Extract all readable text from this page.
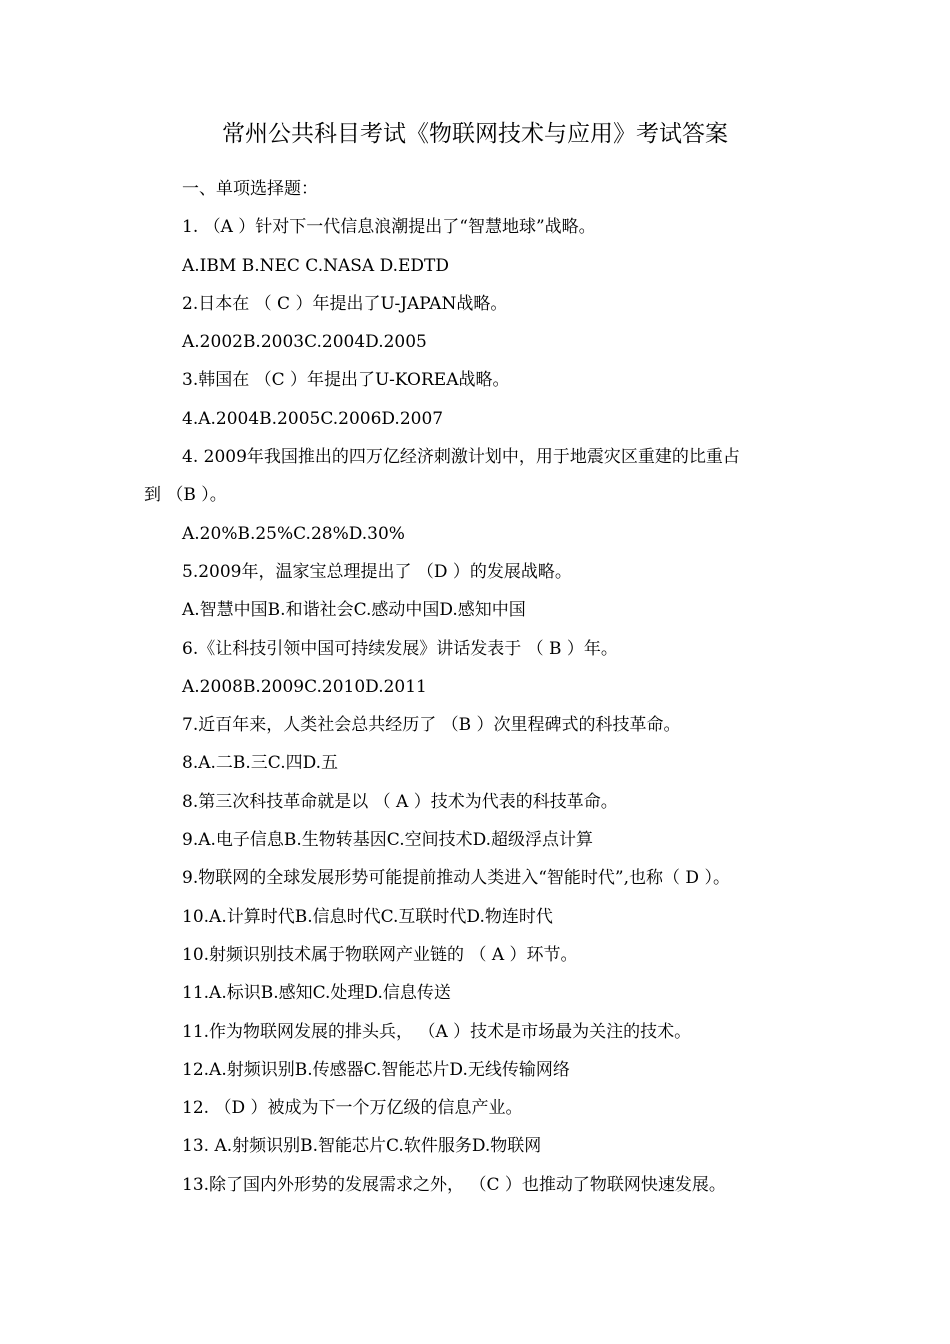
常州公共科目考试《物联网技术与应用》考试答案
一、单项选择题：
1. （A ）针对下一代信息浪潮提出了“智慧地球”战略。
A.IBM B.NEC C.NASA D.EDTD
2.日本在 （ C ）年提出了U-JAPAN战略。
A.2002B.2003C.2004D.2005
3.韩国在 （C ）年提出了U-KOREA战略。
4.A.2004B.2005C.2006D.2007
4. 2009年我国推出的四万亿经济刺激计划中，用于地震灾区重建的比重占
到 （B ）。
A.20%B.25%C.28%D.30%
5.2009年，温家宝总理提出了 （D ）的发展战略。
A.智慧中国B.和谐社会C.感动中国D.感知中国
6.《让科技引领中国可持续发展》讲话发表于 （ B ）年。
A.2008B.2009C.2010D.2011
7.近百年来，人类社会总共经历了 （B ）次里程碑式的科技革命。
8.A.二B.三C.四D.五
8.第三次科技革命就是以 （ A ）技术为代表的科技革命。
9.A.电子信息B.生物转基因C.空间技术D.超级浮点计算
9.物联网的全球发展形势可能提前推动人类进入“智能时代”,也称（ D ）。
10.A.计算时代B.信息时代C.互联时代D.物连时代
10.射频识别技术属于物联网产业链的 （ A ）环节。
11.A.标识B.感知C.处理D.信息传送
11.作为物联网发展的排头兵， （A ）技术是市场最为关注的技术。
12.A.射频识别B.传感器C.智能芯片D.无线传输网络
12. （D ）被成为下一个万亿级的信息产业。
13. A.射频识别B.智能芯片C.软件服务D.物联网
13.除了国内外形势的发展需求之外， （C ）也推动了物联网快速发展。
